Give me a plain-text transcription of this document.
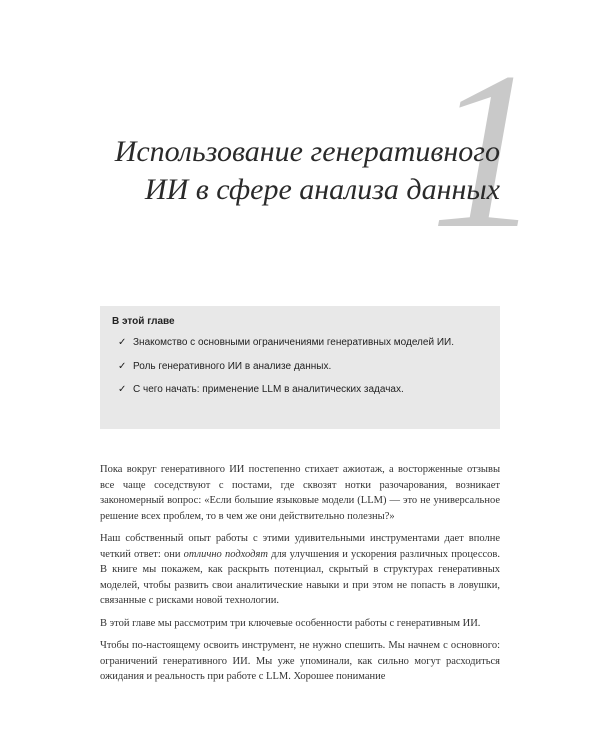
1
Использование генеративного
ИИ в сфере анализа данных
В этой главе
✓ Знакомство с основными ограничениями генеративных моделей ИИ.
✓ Роль генеративного ИИ в анализе данных.
✓ С чего начать: применение LLM в аналитических задачах.

Пока вокруг генеративного ИИ постепенно стихает ажиотаж, а восторженные отзывы все чаще соседствуют с постами, где сквозят нотки разочарования, возникает закономерный вопрос: «Если большие языковые модели (LLM) — это не универсальное решение всех проблем, то в чем же они действительно полезны?»

Наш собственный опыт работы с этими удивительными инструментами дает вполне четкий ответ: они отлично подходят для улучшения и ускорения различных процессов. В книге мы покажем, как раскрыть потенциал, скрытый в структурах генеративных моделей, чтобы развить свои аналитические навыки и при этом не попасть в ловушки, связанные с рисками новой технологии.

В этой главе мы рассмотрим три ключевые особенности работы с генеративным ИИ.

Чтобы по-настоящему освоить инструмент, не нужно спешить. Мы начнем с основного: ограничений генеративного ИИ. Мы уже упоминали, как сильно могут расходиться ожидания и реальность при работе с LLM. Хорошее понимание
